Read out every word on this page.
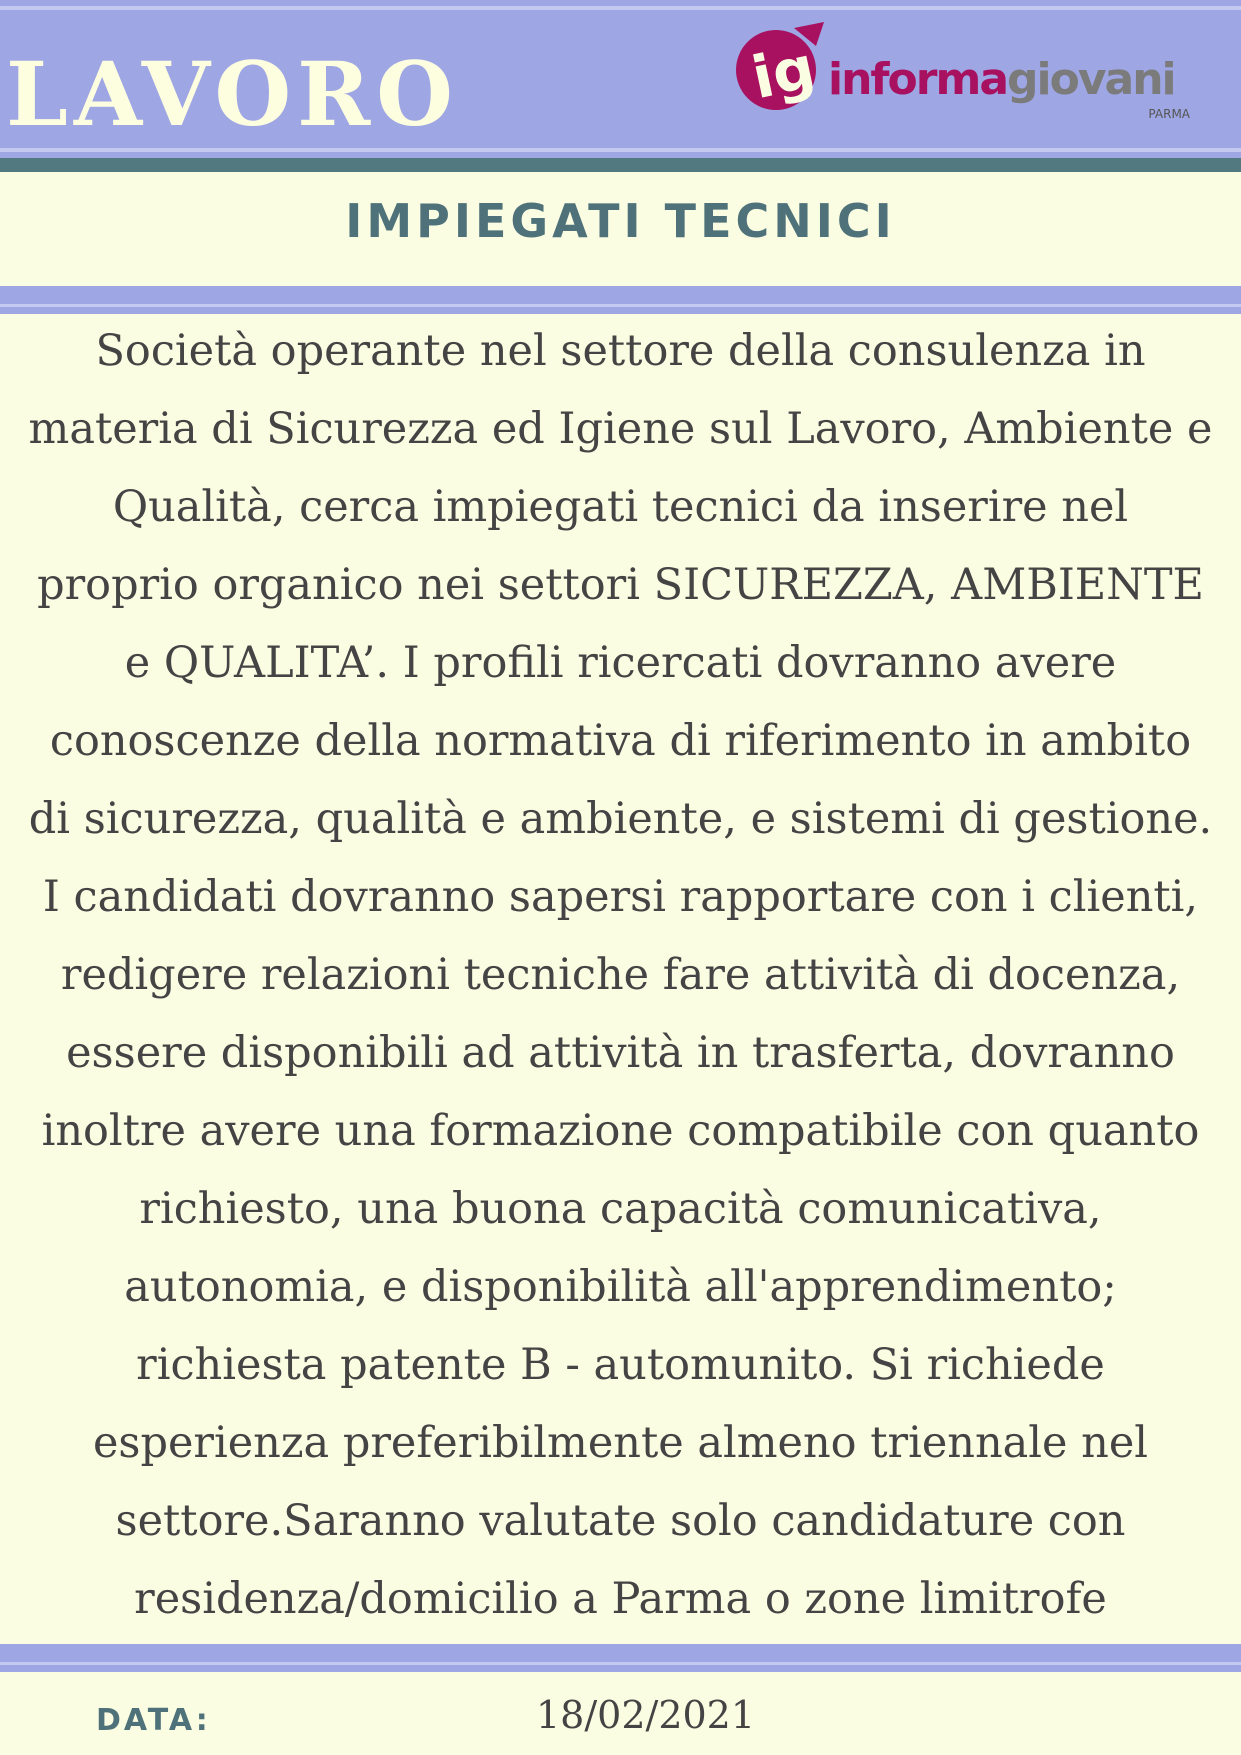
LAVORO	ig informagiovani
PARMA
IMPIEGATI TECNICI

Società operante nel settore della consulenza in
materia di Sicurezza ed Igiene sul Lavoro, Ambiente e
Qualità, cerca impiegati tecnici da inserire nel
proprio organico nei settori SICUREZZA, AMBIENTE
e QUALITA’. I profili ricercati dovranno avere
conoscenze della normativa di riferimento in ambito
di sicurezza, qualità e ambiente, e sistemi di gestione.
I candidati dovranno sapersi rapportare con i clienti,
redigere relazioni tecniche fare attività di docenza,
essere disponibili ad attività in trasferta, dovranno
inoltre avere una formazione compatibile con quanto
richiesto, una buona capacità comunicativa,
autonomia, e disponibilità all'apprendimento;
richiesta patente B - automunito. Si richiede
esperienza preferibilmente almeno triennale nel
settore.Saranno valutate solo candidature con
residenza/domicilio a Parma o zone limitrofe

DATA:	18/02/2021
